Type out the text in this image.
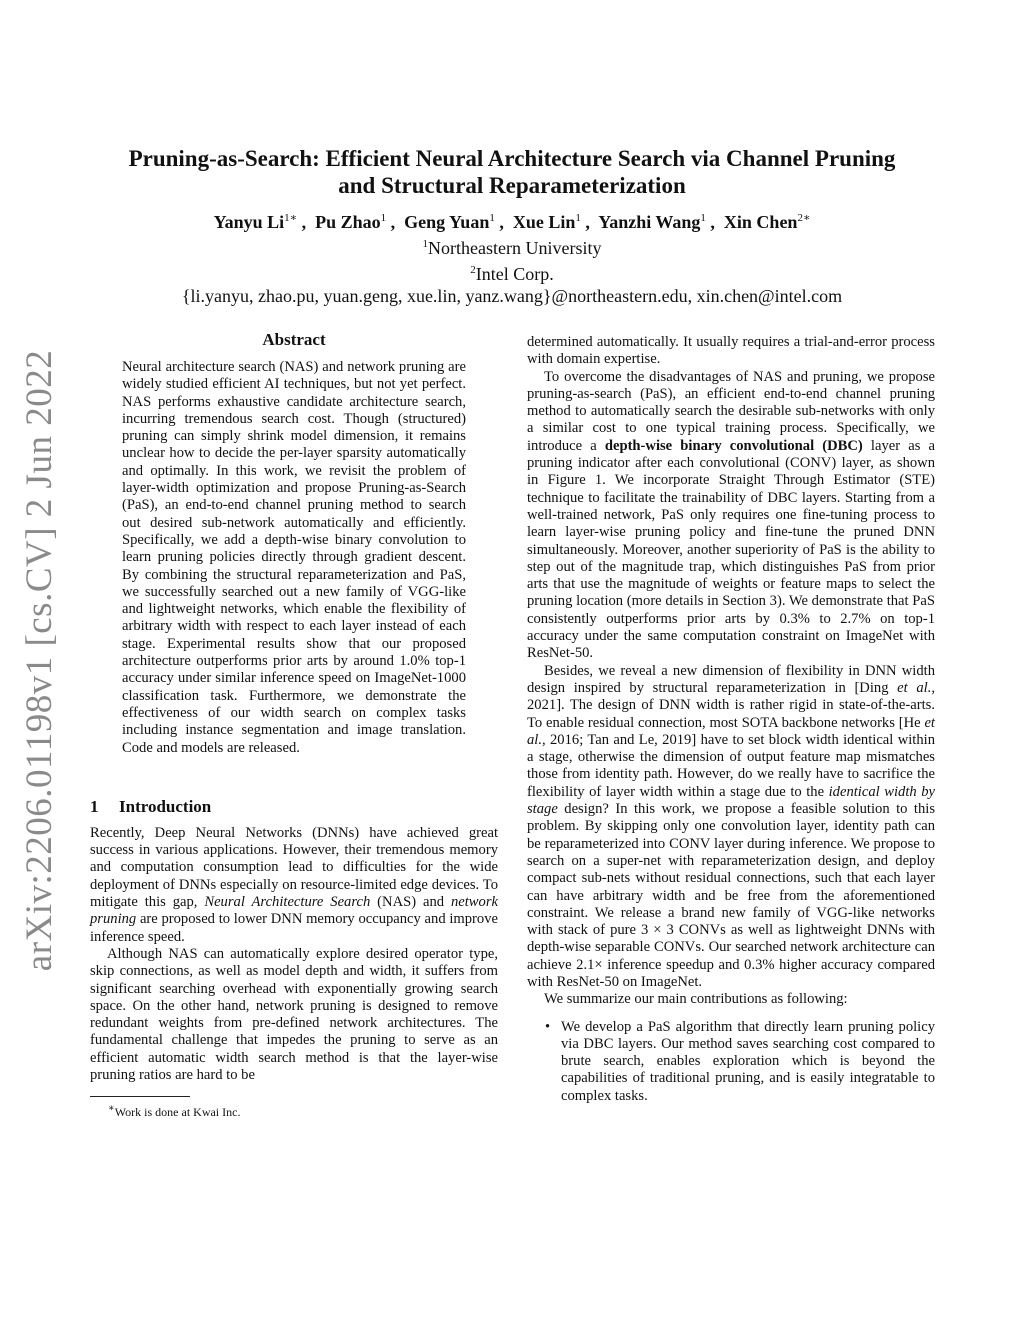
arXiv:2206.01198v1 [cs.CV] 2 Jun 2022
Pruning-as-Search: Efficient Neural Architecture Search via Channel Pruning
and Structural Reparameterization
Yanyu $Li^{1∗}$ ,  Pu Zhao$^1$ ,  Geng Yuan$^1$ ,  Xue Lin$^1$ ,  Yanzhi Wang$^1$ ,  Xin Chen$^{2∗}$
$^1$Northeastern University
$^2$Intel Corp.
{li.yanyu, zhao.pu, yuan.geng, xue.lin, yanz.wang}@northeastern.edu, xin.chen@intel.com
Abstract

Neural architecture search (NAS) and network pruning are widely studied efficient AI techniques, but not yet perfect. NAS performs exhaustive candidate architecture search, incurring tremendous search cost. Though (structured) pruning can simply shrink model dimension, it remains unclear how to decide the per-layer sparsity automatically and optimally. In this work, we revisit the problem of layer-width optimization and propose Pruning-as-Search (PaS), an end-to-end channel pruning method to search out desired sub-network automatically and efficiently. Specifically, we add a depth-wise binary convolution to learn pruning policies directly through gradient descent. By combining the structural reparameterization and PaS, we successfully searched out a new family of VGG-like and lightweight networks, which enable the flexibility of arbitrary width with respect to each layer instead of each stage. Experimental results show that our proposed architecture outperforms prior arts by around 1.0% top-1 accuracy under similar inference speed on ImageNet-1000 classification task. Furthermore, we demonstrate the effectiveness of our width search on complex tasks including instance segmentation and image translation. Code and models are released.

1 Introduction

Recently, Deep Neural Networks (DNNs) have achieved great success in various applications. However, their tremendous memory and computation consumption lead to difficulties for the wide deployment of DNNs especially on resource-limited edge devices. To mitigate this gap, Neural Architecture Search (NAS) and network pruning are proposed to lower DNN memory occupancy and improve inference speed.

Although NAS can automatically explore desired operator type, skip connections, as well as model depth and width, it suffers from significant searching overhead with exponentially growing search space. On the other hand, network pruning is designed to remove redundant weights from pre-defined network architectures. The fundamental challenge that impedes the pruning to serve as an efficient automatic width search method is that the layer-wise pruning ratios are hard to be

∗Work is done at Kwai Inc.

determined automatically. It usually requires a trial-and-error process with domain expertise.

To overcome the disadvantages of NAS and pruning, we propose pruning-as-search (PaS), an efficient end-to-end channel pruning method to automatically search the desirable sub-networks with only a similar cost to one typical training process. Specifically, we introduce a depth-wise binary convolutional (DBC) layer as a pruning indicator after each convolutional (CONV) layer, as shown in Figure 1. We incorporate Straight Through Estimator (STE) technique to facilitate the trainability of DBC layers. Starting from a well-trained network, PaS only requires one fine-tuning process to learn layer-wise pruning policy and fine-tune the pruned DNN simultaneously. Moreover, another superiority of PaS is the ability to step out of the magnitude trap, which distinguishes PaS from prior arts that use the magnitude of weights or feature maps to select the pruning location (more details in Section 3). We demonstrate that PaS consistently outperforms prior arts by 0.3% to 2.7% on top-1 accuracy under the same computation constraint on ImageNet with ResNet-50.

Besides, we reveal a new dimension of flexibility in DNN width design inspired by structural reparameterization in [Ding et al., 2021]. The design of DNN width is rather rigid in state-of-the-arts. To enable residual connection, most SOTA backbone networks [He et al., 2016; Tan and Le, 2019] have to set block width identical within a stage, otherwise the dimension of output feature map mismatches those from identity path. However, do we really have to sacrifice the flexibility of layer width within a stage due to the identical width by stage design? In this work, we propose a feasible solution to this problem. By skipping only one convolution layer, identity path can be reparameterized into CONV layer during inference. We propose to search on a super-net with reparameterization design, and deploy compact sub-nets without residual connections, such that each layer can have arbitrary width and be free from the aforementioned constraint. We release a brand new family of VGG-like networks with stack of pure 3 × 3 CONVs as well as lightweight DNNs with depth-wise separable CONVs. Our searched network architecture can achieve 2.1× inference speedup and 0.3% higher accuracy compared with ResNet-50 on ImageNet.

We summarize our main contributions as following:

• We develop a PaS algorithm that directly learn pruning policy via DBC layers. Our method saves searching cost compared to brute search, enables exploration which is beyond the capabilities of traditional pruning, and is easily integratable to complex tasks.
